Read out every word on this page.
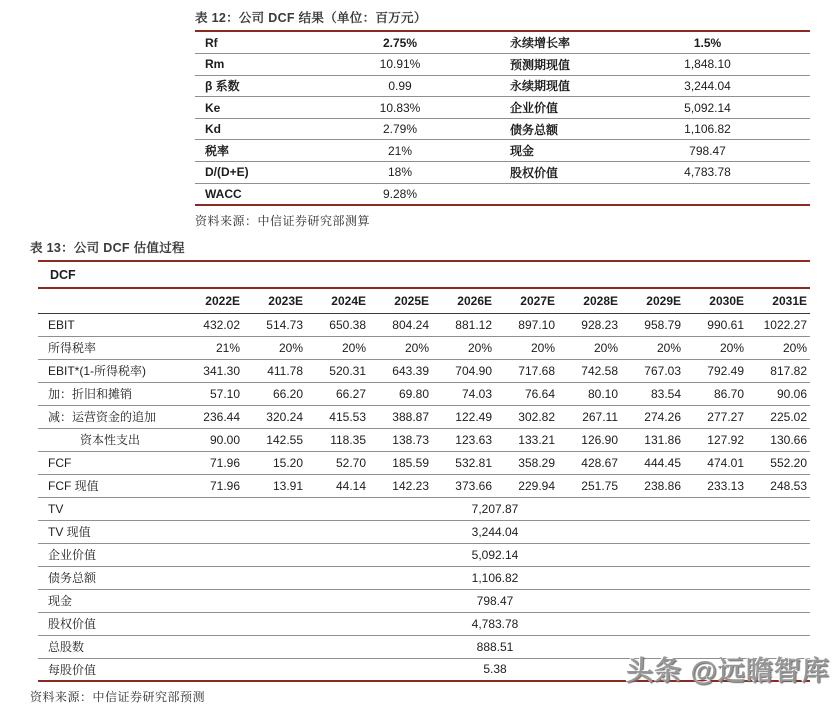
表 12：公司 DCF 结果（单位：百万元）
Rf	2.75%	永续增长率	1.5%
Rm	10.91%	预测期现值	1,848.10
β 系数	0.99	永续期现值	3,244.04
Ke	10.83%	企业价值	5,092.14
Kd	2.79%	债务总额	1,106.82
税率	21%	现金	798.47
D/(D+E)	18%	股权价值	4,783.78
WACC	9.28%		
资料来源：中信证券研究部测算
表 13：公司 DCF 估值过程
DCF
	2022E	2023E	2024E	2025E	2026E	2027E	2028E	2029E	2030E	2031E
EBIT	432.02	514.73	650.38	804.24	881.12	897.10	928.23	958.79	990.61	1022.27
所得税率	21%	20%	20%	20%	20%	20%	20%	20%	20%	20%
EBIT*(1-所得税率)	341.30	411.78	520.31	643.39	704.90	717.68	742.58	767.03	792.49	817.82
加：折旧和摊销	57.10	66.20	66.27	69.80	74.03	76.64	80.10	83.54	86.70	90.06
减：运营资金的追加	236.44	320.24	415.53	388.87	122.49	302.82	267.11	274.26	277.27	225.02
资本性支出	90.00	142.55	118.35	138.73	123.63	133.21	126.90	131.86	127.92	130.66
FCF	71.96	15.20	52.70	185.59	532.81	358.29	428.67	444.45	474.01	552.20
FCF 现值	71.96	13.91	44.14	142.23	373.66	229.94	251.75	238.86	233.13	248.53
TV	7,207.87									
TV 现值	3,244.04									
企业价值	5,092.14									
债务总额	1,106.82									
现金	798.47									
股权价值	4,783.78									
总股数	888.51									
每股价值	5.38									
资料来源：中信证券研究部预测
头条 @远瞻智库
